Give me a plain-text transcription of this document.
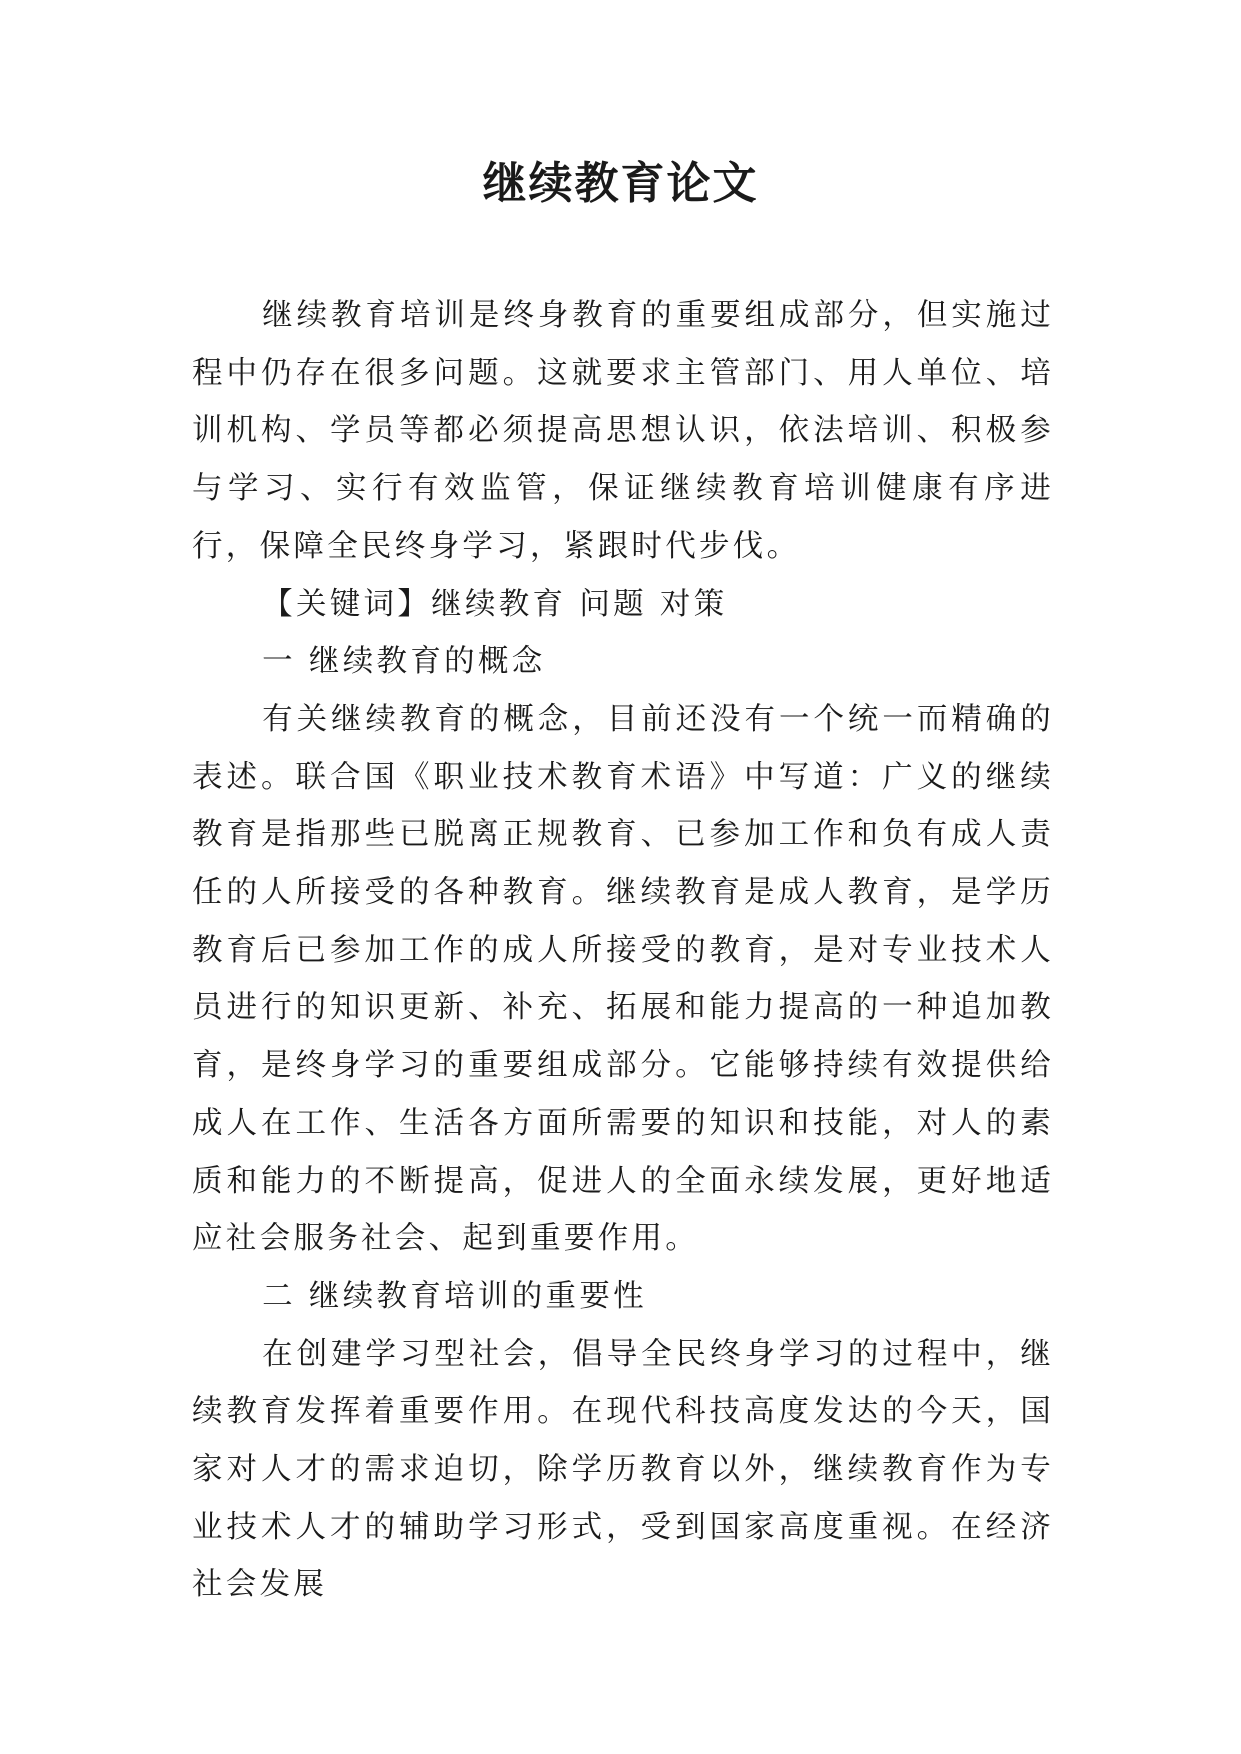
继续教育论文

继续教育培训是终身教育的重要组成部分，但实施过程中仍存在很多问题。这就要求主管部门、用人单位、培训机构、学员等都必须提高思想认识，依法培训、积极参与学习、实行有效监管，保证继续教育培训健康有序进行，保障全民终身学习，紧跟时代步伐。

【关键词】继续教育 问题 对策

一 继续教育的概念

有关继续教育的概念，目前还没有一个统一而精确的表述。联合国《职业技术教育术语》中写道：广义的继续教育是指那些已脱离正规教育、已参加工作和负有成人责任的人所接受的各种教育。继续教育是成人教育，是学历教育后已参加工作的成人所接受的教育，是对专业技术人员进行的知识更新、补充、拓展和能力提高的一种追加教育，是终身学习的重要组成部分。它能够持续有效提供给成人在工作、生活各方面所需要的知识和技能，对人的素质和能力的不断提高，促进人的全面永续发展，更好地适应社会服务社会、起到重要作用。

二 继续教育培训的重要性

在创建学习型社会，倡导全民终身学习的过程中，继续教育发挥着重要作用。在现代科技高度发达的今天，国家对人才的需求迫切，除学历教育以外，继续教育作为专业技术人才的辅助学习形式，受到国家高度重视。在经济社会发展
